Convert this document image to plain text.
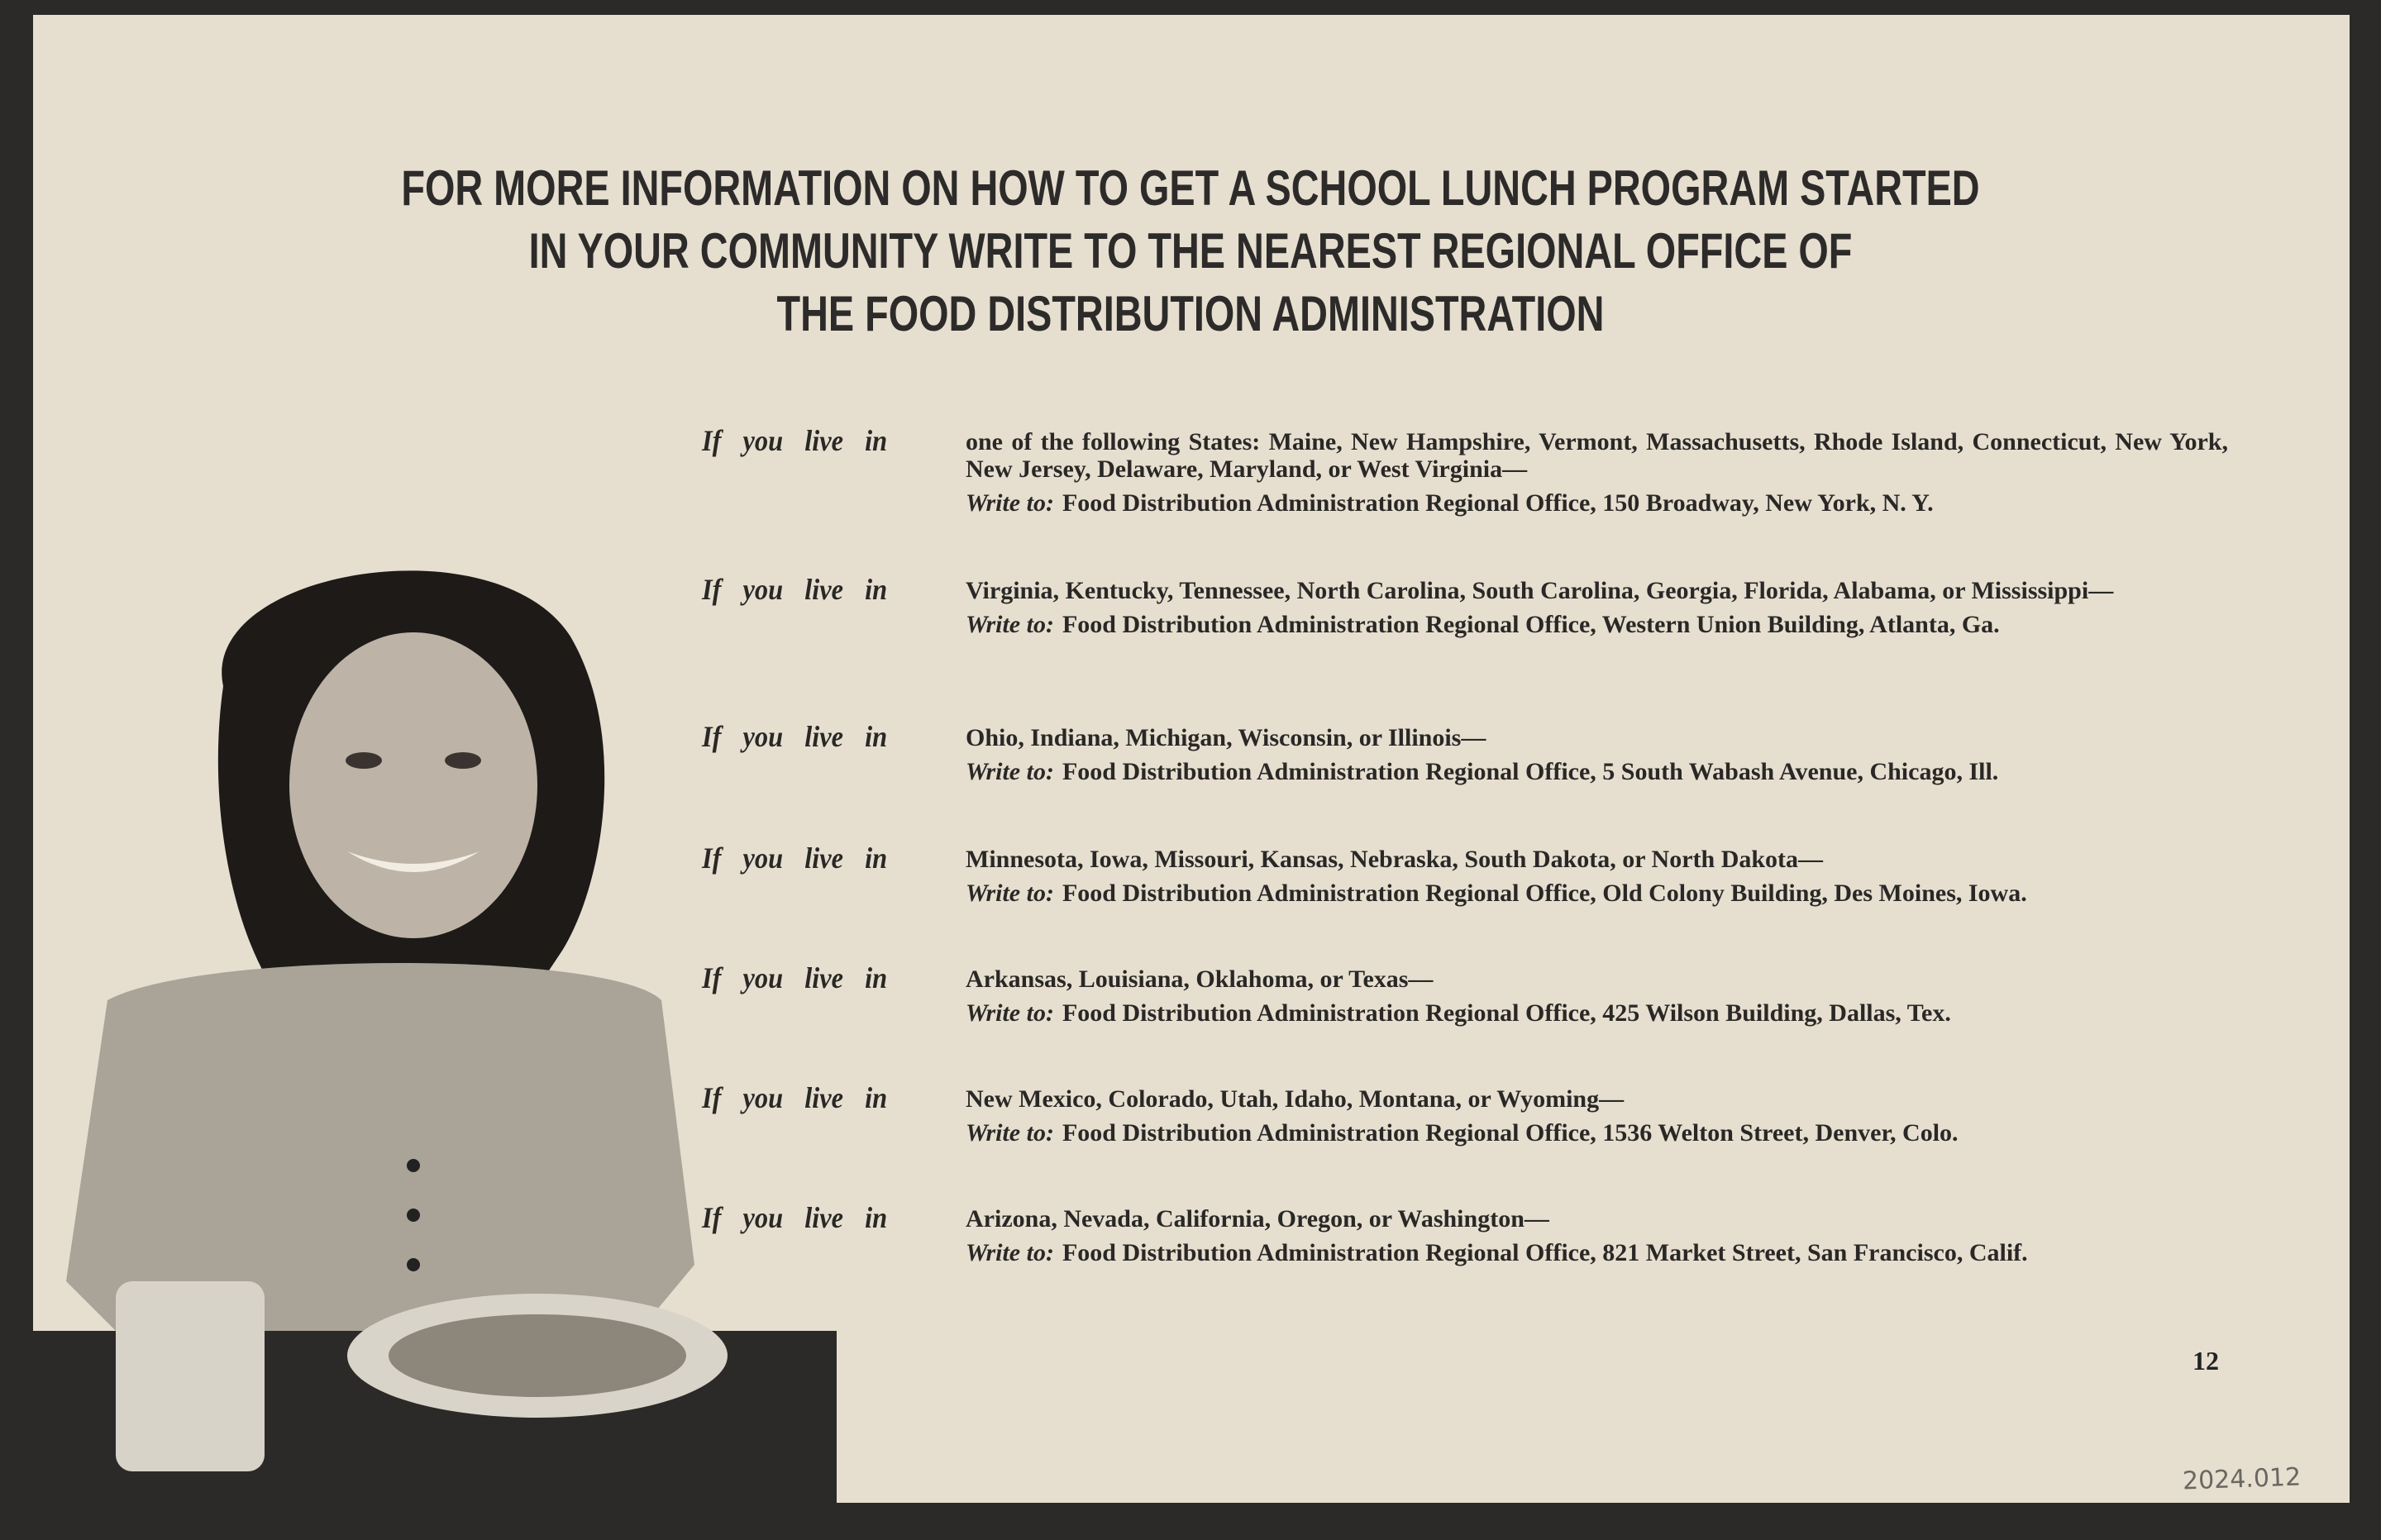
FOR MORE INFORMATION ON HOW TO GET A SCHOOL LUNCH PROGRAM STARTED
IN YOUR COMMUNITY WRITE TO THE NEAREST REGIONAL OFFICE OF
THE FOOD DISTRIBUTION ADMINISTRATION
If you live in	one of the following States: Maine, New Hampshire, Vermont, Massachusetts, Rhode Island, Connecticut, New York, New Jersey, Delaware, Maryland, or West Virginia—
Write to: Food Distribution Administration Regional Office, 150 Broadway, New York, N. Y.
If you live in	Virginia, Kentucky, Tennessee, North Carolina, South Carolina, Georgia, Florida, Alabama, or Mississippi—
Write to: Food Distribution Administration Regional Office, Western Union Building, Atlanta, Ga.
If you live in	Ohio, Indiana, Michigan, Wisconsin, or Illinois—
Write to: Food Distribution Administration Regional Office, 5 South Wabash Avenue, Chicago, Ill.
If you live in	Minnesota, Iowa, Missouri, Kansas, Nebraska, South Dakota, or North Dakota—
Write to: Food Distribution Administration Regional Office, Old Colony Building, Des Moines, Iowa.
If you live in	Arkansas, Louisiana, Oklahoma, or Texas—
Write to: Food Distribution Administration Regional Office, 425 Wilson Building, Dallas, Tex.
If you live in	New Mexico, Colorado, Utah, Idaho, Montana, or Wyoming—
Write to: Food Distribution Administration Regional Office, 1536 Welton Street, Denver, Colo.
If you live in	Arizona, Nevada, California, Oregon, or Washington—
Write to: Food Distribution Administration Regional Office, 821 Market Street, San Francisco, Calif.
12
2024.012
